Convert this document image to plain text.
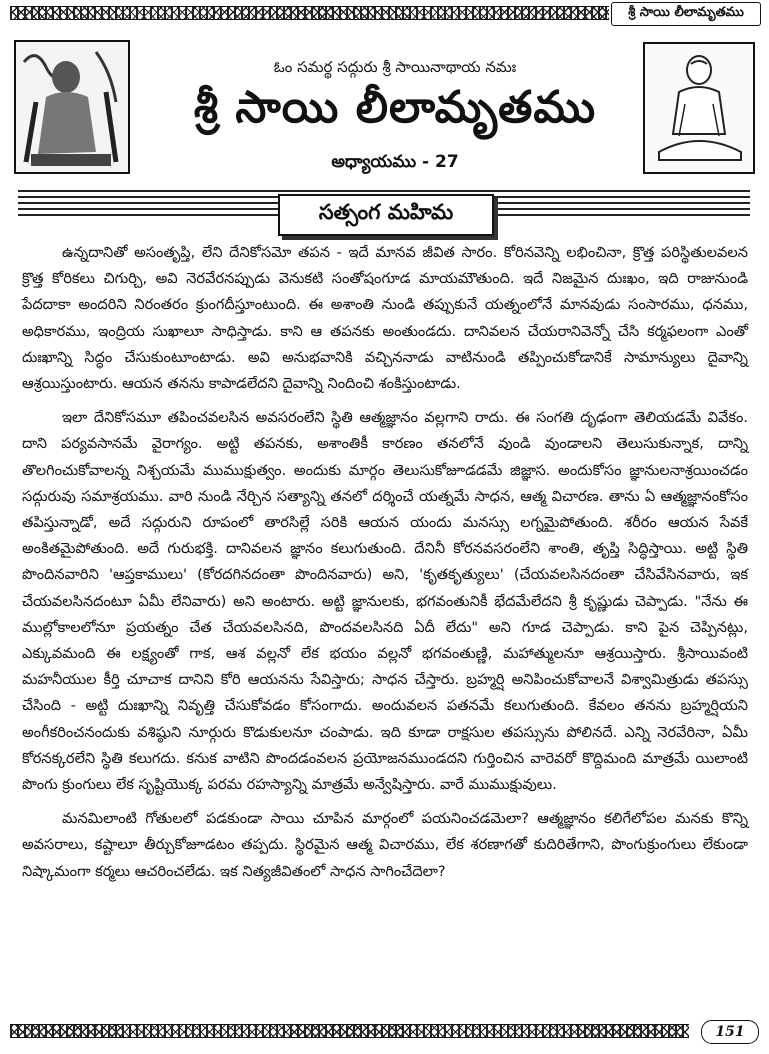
శ్రీ సాయి లీలామృతము
ఓం సమర్థ సద్గురు శ్రీ సాయినాథాయ నమః
శ్రీ సాయి లీలామృతము
అధ్యాయము - 27
సత్సంగ మహిమ

ఉన్నదానితో అసంతృప్తి, లేని దేనికోసమో తపన - ఇదే మానవ జీవిత సారం. కోరినవెన్ని లభించినా, క్రొత్త పరిస్థితులవలన క్రొత్త కోరికలు చిగుర్చి, అవి నెరవేరనప్పుడు వెనుకటి సంతోషంగూడ మాయమౌతుంది. ఇదే నిజమైన దుఃఖం, ఇది రాజునుండి పేదదాకా అందరిని నిరంతరం క్రుంగదీస్తూంటుంది. ఈ అశాంతి నుండి తప్పుకునే యత్నంలోనే మానవుడు సంసారము, ధనము, అధికారము, ఇంద్రియ సుఖాలూ సాధిస్తాడు. కాని ఆ తపనకు అంతుండదు. దానివలన చేయరానివెన్నో చేసి కర్మఫలంగా ఎంతో దుఃఖాన్ని సిద్ధం చేసుకుంటూంటాడు. అవి అనుభవానికి వచ్చిననాడు వాటినుండి తప్పించుకోడానికే సామాన్యులు దైవాన్ని ఆశ్రయిస్తుంటారు. ఆయన తనను కాపాడలేదని దైవాన్ని నిందించి శంకిస్తుంటాడు.

ఇలా దేనికోసమూ తపించవలసిన అవసరంలేని స్థితి ఆత్మజ్ఞానం వల్లగాని రాదు. ఈ సంగతి దృఢంగా తెలియడమే వివేకం. దాని పర్యవసానమే వైరాగ్యం. అట్టి తపనకు, అశాంతికీ కారణం తనలోనే వుండి వుండాలని తెలుసుకున్నాక, దాన్ని తొలగించుకోవాలన్న నిశ్చయమే ముముక్షుత్వం. అందుకు మార్గం తెలుసుకోజూడడమే జిజ్ఞాస. అందుకోసం జ్ఞానులనాశ్రయించడం సద్గురువు సమాశ్రయము. వారి నుండి నేర్చిన సత్యాన్ని తనలో దర్శించే యత్నమే సాధన, ఆత్మ విచారణ. తాను ఏ ఆత్మజ్ఞానంకోసం తపిస్తున్నాడో, అదే సద్గురుని రూపంలో తారసిల్లే సరికి ఆయన యందు మనస్సు లగ్నమైపోతుంది. శరీరం ఆయన సేవకే అంకితమైపోతుంది. అదే గురుభక్తి. దానివలన జ్ఞానం కలుగుతుంది. దేనినీ కోరనవసరంలేని శాంతి, తృప్తి సిద్ధిస్తాయి. అట్టి స్థితి పొందినవారిని 'ఆప్తకాములు' (కోరదగినదంతా పొందినవారు) అని, 'కృతకృత్యులు' (చేయవలసినదంతా చేసివేసినవారు, ఇక చేయవలసినదంటూ ఏమీ లేనివారు) అని అంటారు. అట్టి జ్ఞానులకు, భగవంతునికీ భేదమేలేదని శ్రీ కృష్ణుడు చెప్పాడు. "నేను ఈ ముల్లోకాలలోనూ ప్రయత్నం చేత చేయవలసినది, పొందవలసినది ఏదీ లేదు" అని గూడ చెప్పాడు. కాని పైన చెప్పినట్లు, ఎక్కువమంది ఈ లక్ష్యంతో గాక, ఆశ వల్లనో లేక భయం వల్లనో భగవంతుణ్ణి, మహాత్ములనూ ఆశ్రయిస్తారు. శ్రీసాయివంటి మహనీయుల కీర్తి చూచాక దానిని కోరి ఆయనను సేవిస్తారు; సాధన చేస్తారు. బ్రహ్మర్షి అనిపించుకోవాలనే విశ్వామిత్రుడు తపస్సు చేసింది - అట్టి దుఃఖాన్ని నివృత్తి చేసుకోవడం కోసంగాదు. అందువలన పతనమే కలుగుతుంది. కేవలం తనను బ్రహ్మర్షియని అంగీకరించనందుకు వశిష్ఠుని నూర్గురు కొడుకులనూ చంపాడు. ఇది కూడా రాక్షసుల తపస్సును పోలినదే. ఎన్ని నెరవేరినా, ఏమీ కోరనక్కరలేని స్థితి కలుగదు. కనుక వాటిని పొందడంవలన ప్రయోజనముండదని గుర్తించిన వారెవరో కొద్దిమంది మాత్రమే యిలాంటి పొంగు క్రుంగులు లేక సృష్టియొక్క పరమ రహస్యాన్ని మాత్రమే అన్వేషిస్తారు. వారే ముముక్షువులు.

మనమిలాంటి గోతులలో పడకుండా సాయి చూపిన మార్గంలో పయనించడమెలా? ఆత్మజ్ఞానం కలిగేలోపల మనకు కొన్ని అవసరాలు, కష్టాలూ తీర్చుకోజూడటం తప్పదు. స్థిరమైన ఆత్మ విచారము, లేక శరణాగతో కుదిరితేగాని, పొంగుక్రుంగులు లేకుండా నిష్కామంగా కర్మలు ఆచరించలేడు. ఇక నిత్యజీవితంలో సాధన సాగించేదెలా?

151
